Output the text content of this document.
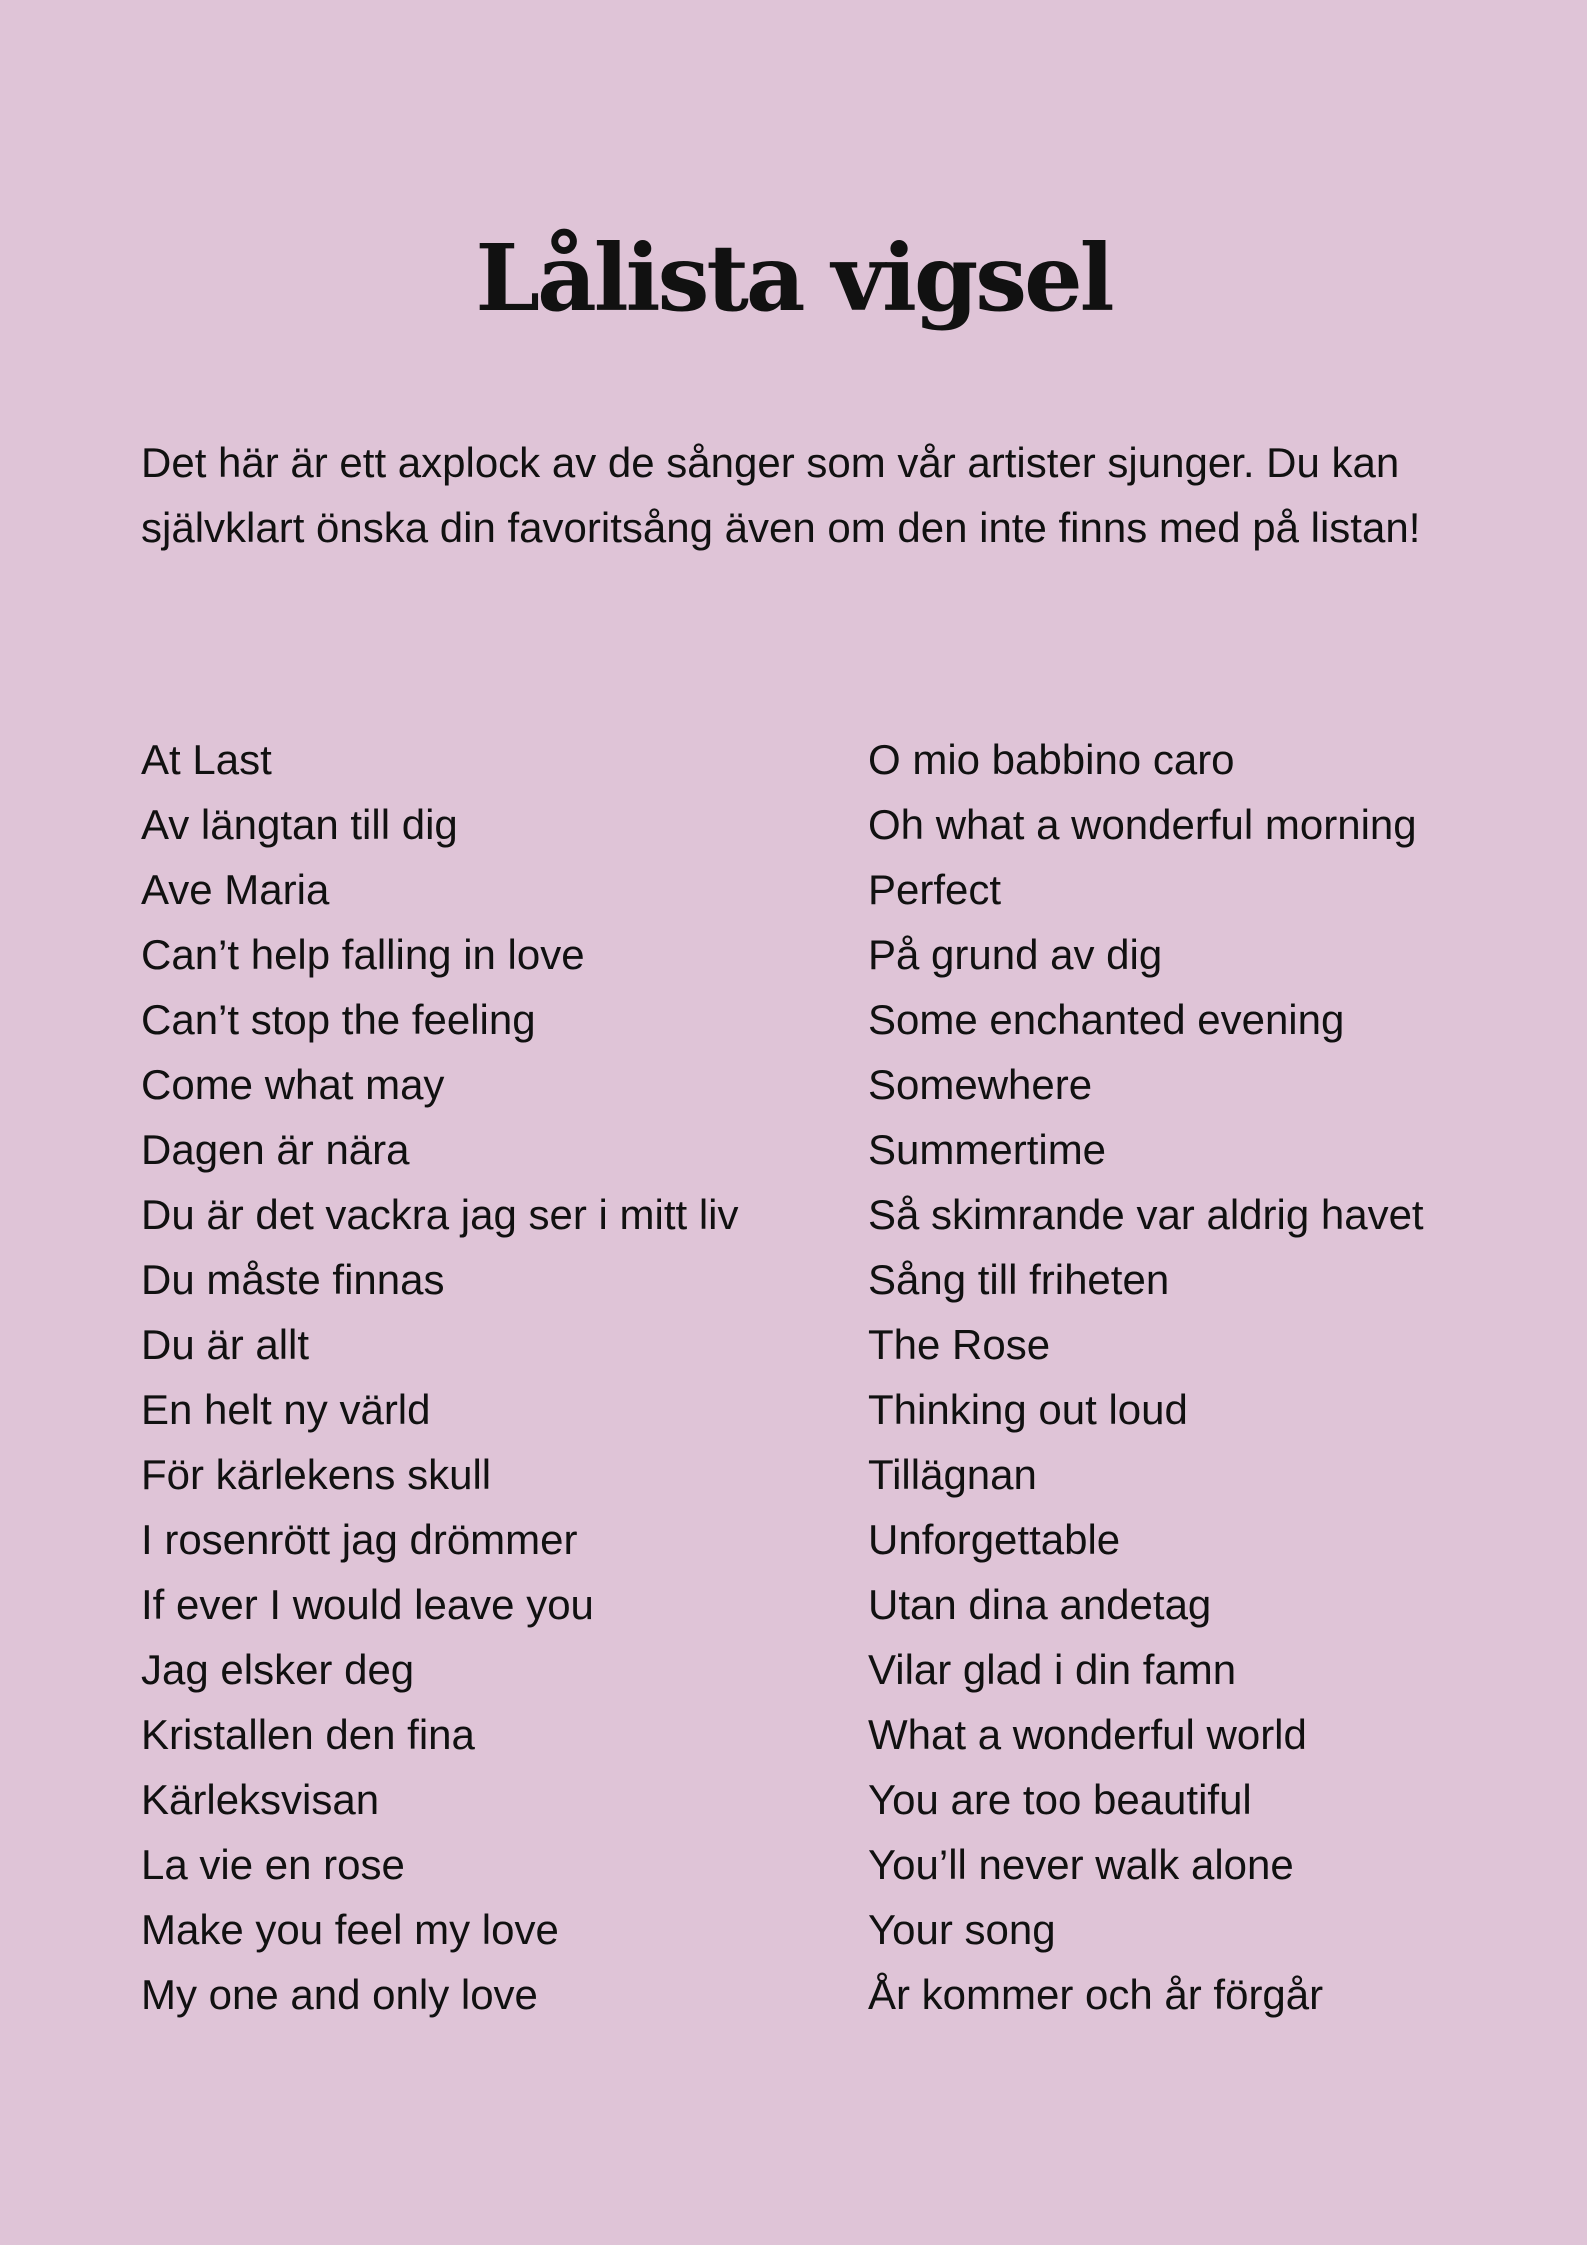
Lålista vigsel

Det här är ett axplock av de sånger som vår artister sjunger. Du kan självklart önska din favoritsång även om den inte finns med på listan!

At Last
Av längtan till dig
Ave Maria
Can’t help falling in love
Can’t stop the feeling
Come what may
Dagen är nära
Du är det vackra jag ser i mitt liv
Du måste finnas
Du är allt
En helt ny värld
För kärlekens skull
I rosenrött jag drömmer
If ever I would leave you
Jag elsker deg
Kristallen den fina
Kärleksvisan
La vie en rose
Make you feel my love
My one and only love
O mio babbino caro
Oh what a wonderful morning
Perfect
På grund av dig
Some enchanted evening
Somewhere
Summertime
Så skimrande var aldrig havet
Sång till friheten
The Rose
Thinking out loud
Tillägnan
Unforgettable
Utan dina andetag
Vilar glad i din famn
What a wonderful world
You are too beautiful
You’ll never walk alone
Your song
År kommer och år förgår
